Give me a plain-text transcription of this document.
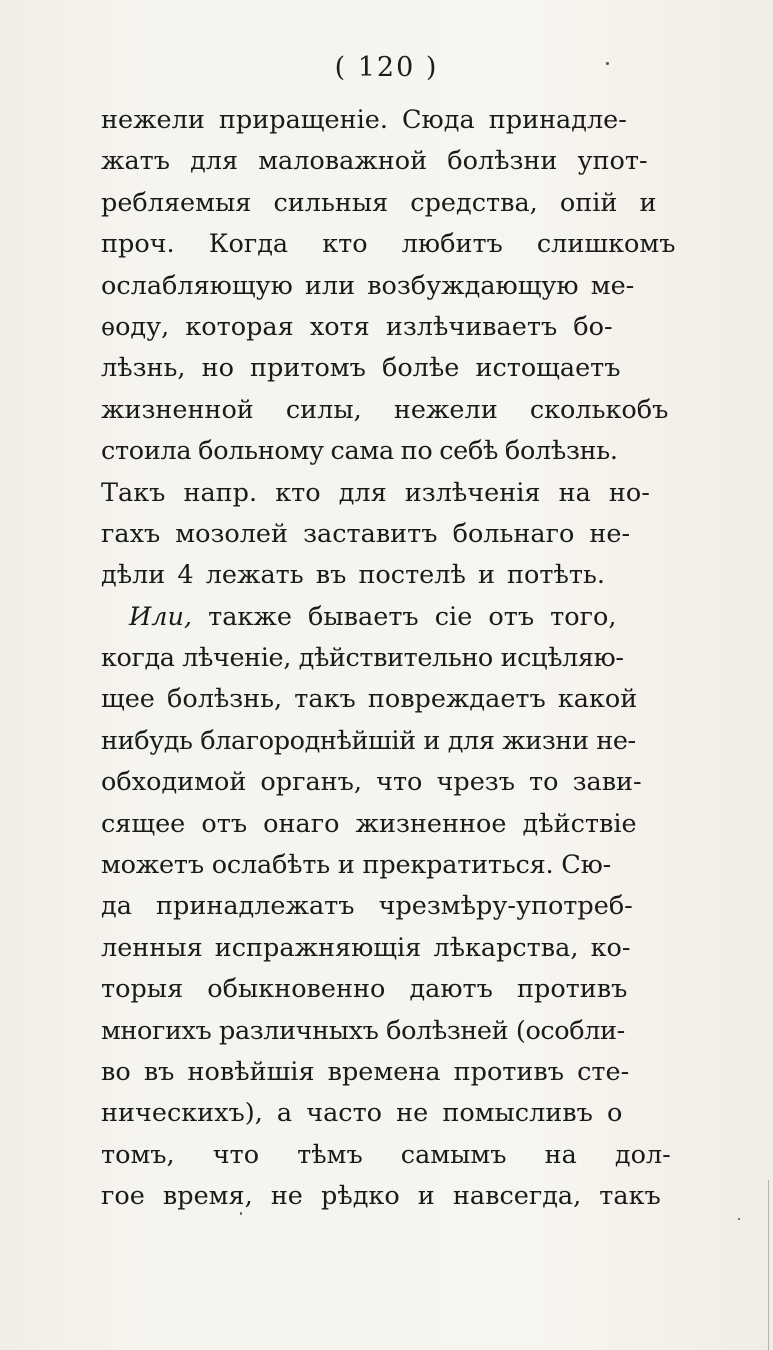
( 120 )
нежели приращенie. Сюда принадле-
жатъ для маловажной болѣзни упот-
ребляемыя сильныя средства, опiй и
проч. Когда кто любитъ слишкомъ
ослабляющую или возбуждающую ме-
ѳоду, которая хотя излѣчиваетъ бо-
лѣзнь, но притомъ болѣе истощаетъ
жизненной силы, нежели сколькобъ
стоила больному сама по себѣ болѣзнь.
Такъ напр. кто для излѣченiя на но-
гахъ мозолей заставитъ больнаго не-
дѣли 4 лежать въ постелѣ и потѣть.
Или, также бываетъ сiе отъ того,
когда лѣченiе, дѣйствительно исцѣляю-
щее болѣзнь, такъ повреждаетъ какой
нибудь благороднѣйшiй и для жизни не-
обходимой органъ, что чрезъ то зави-
сящее отъ онаго жизненное дѣйствiе
можетъ ослабѣть и прекратиться. Сю-
да принадлежатъ чрезмѣру-употреб-
ленныя испражняющiя лѣкарства, ко-
торыя обыкновенно даютъ противъ
многихъ различныхъ болѣзней (особли-
во въ новѣйшiя времена противъ сте-
ническихъ), а часто не помысливъ о
томъ, что тѣмъ самымъ на дол-
гое время, не рѣдко и навсегда, такъ
